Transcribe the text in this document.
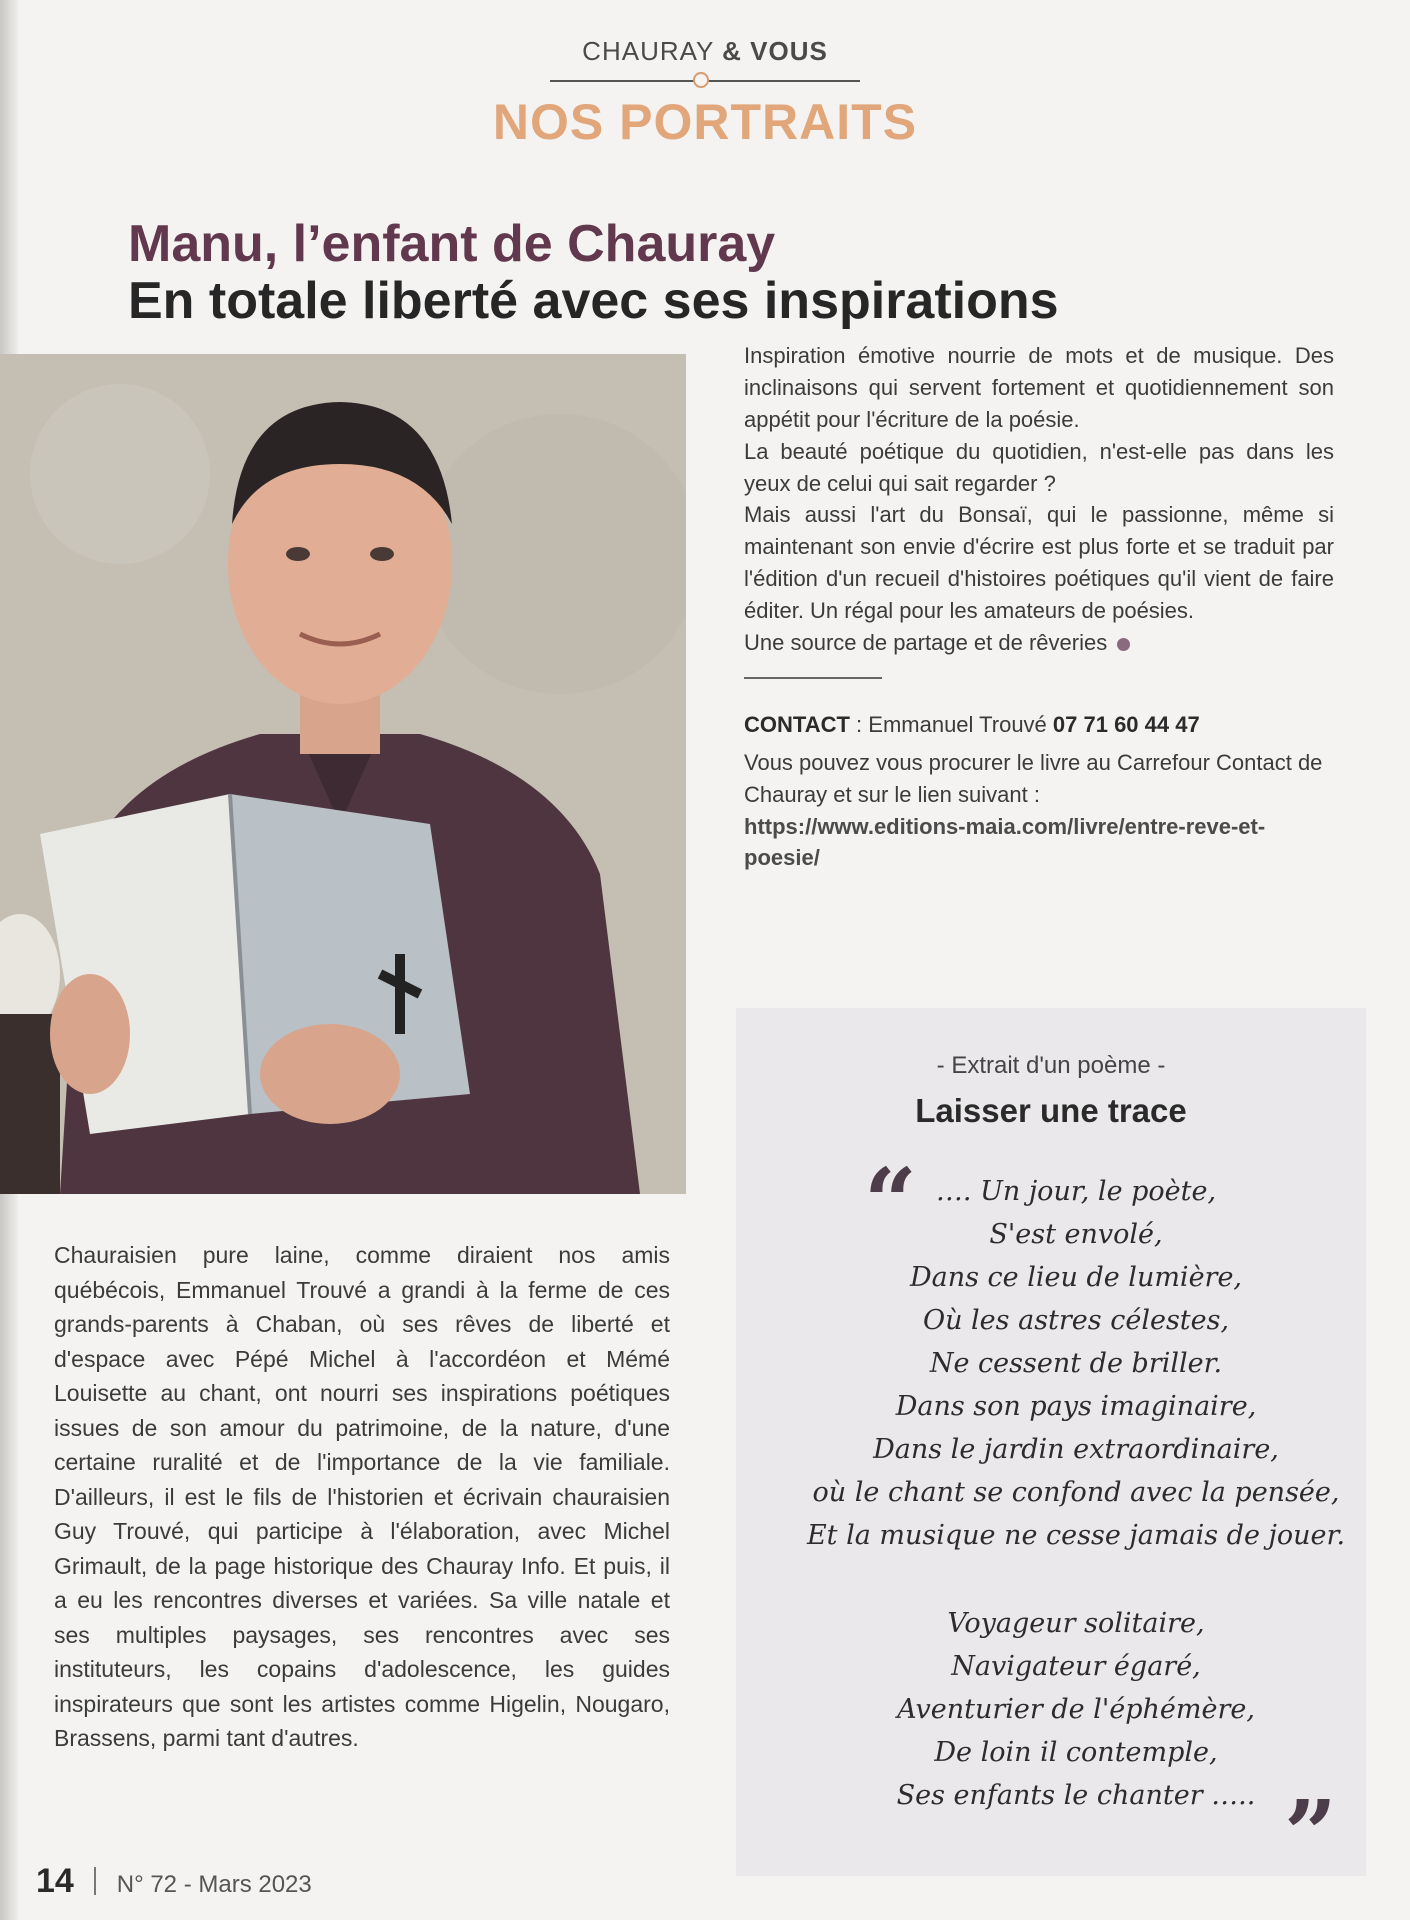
CHAURAY & VOUS
NOS PORTRAITS
Manu, l’enfant de Chauray
En totale liberté avec ses inspirations

Inspiration émotive nourrie de mots et de musique. Des inclinaisons qui servent fortement et quotidiennement son appétit pour l'écriture de la poésie.

La beauté poétique du quotidien, n'est-elle pas dans les yeux de celui qui sait regarder ?

Mais aussi l'art du Bonsaï, qui le passionne, même si maintenant son envie d'écrire est plus forte et se traduit par l'édition d'un recueil d'histoires poétiques qu'il vient de faire éditer. Un régal pour les amateurs de poésies.

Une source de partage et de rêveries

CONTACT : Emmanuel Trouvé 07 71 60 44 47
Vous pouvez vous procurer le livre au Carrefour Contact de Chauray et sur le lien suivant :
https://www.editions-maia.com/livre/entre-reve-et-poesie/
- Extrait d'un poème -
Laisser une trace
“ …. Un jour, le poète,
S'est envolé,
Dans ce lieu de lumière,
Où les astres célestes,
Ne cessent de briller.
Dans son pays imaginaire,
Dans le jardin extraordinaire,
où le chant se confond avec la pensée,
Et la musique ne cesse jamais de jouer.
Voyageur solitaire,
Navigateur égaré,
Aventurier de l'éphémère,
De loin il contemple,
Ses enfants le chanter ….. ”

Chauraisien pure laine, comme diraient nos amis québécois, Emmanuel Trouvé a grandi à la ferme de ces grands-parents à Chaban, où ses rêves de liberté et d'espace avec Pépé Michel à l'accordéon et Mémé Louisette au chant, ont nourri ses inspirations poétiques issues de son amour du patrimoine, de la nature, d'une certaine ruralité et de l'importance de la vie familiale. D'ailleurs, il est le fils de l'historien et écrivain chauraisien Guy Trouvé, qui participe à l'élaboration, avec Michel Grimault, de la page historique des Chauray Info. Et puis, il a eu les rencontres diverses et variées. Sa ville natale et ses multiples paysages, ses rencontres avec ses instituteurs, les copains d'adolescence, les guides inspirateurs que sont les artistes comme Higelin, Nougaro, Brassens, parmi tant d'autres.

14 N° 72 - Mars 2023
